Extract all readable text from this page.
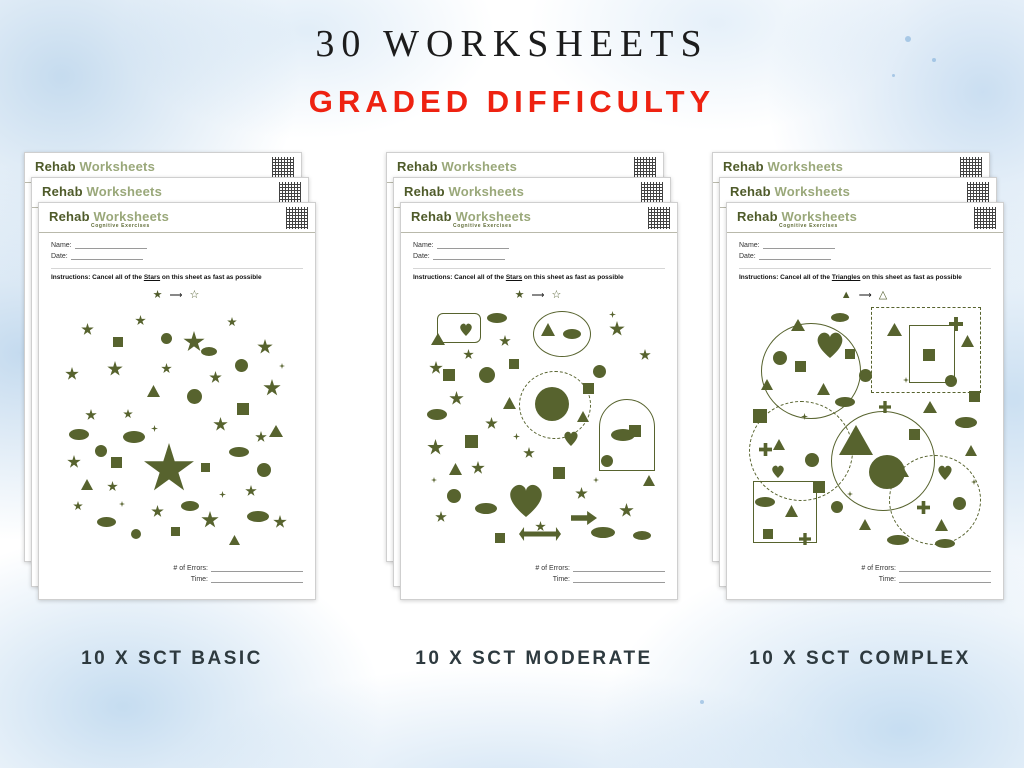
30 WORKSHEETS
GRADED DIFFICULTY
Rehab Worksheets
Rehab Worksheets
Rehab Worksheets
Cognitive Exercises
Name:
Date:
Instructions: Cancel all of the Stars on this sheet as fast as possible
★ ⟶ ☆
# of Errors:
Time:
Rehab Worksheets
Rehab Worksheets
Rehab Worksheets
Cognitive Exercises
Name:
Date:
Instructions: Cancel all of the Stars on this sheet as fast as possible
★ ⟶ ☆
# of Errors:
Time:
Rehab Worksheets
Rehab Worksheets
Rehab Worksheets
Cognitive Exercises
Name:
Date:
Instructions: Cancel all of the Triangles on this sheet as fast as possible
▲ ⟶ △
# of Errors:
Time:
10 X SCT BASIC	10 X SCT MODERATE	10 X SCT COMPLEX
